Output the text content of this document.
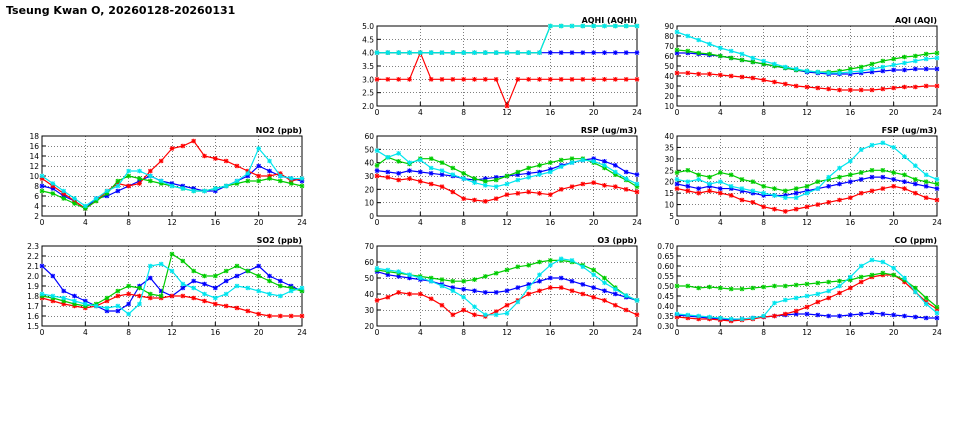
Tseung Kwan O, 20260128-20260131
2.0
2.5
3.0
3.5
4.0
4.5
5.0
0	4	8	12	16	20	24
AQHI (AQHI)
10
20
30
40
50
60
70
80
90
0	4	8	12	16	20	24
AQI (AQI)
2
4
6
8
10
12
14
16
18
0	4	8	12	16	20	24
NO2 (ppb)
0
10
20
30
40
50
60
0	4	8	12	16	20	24
RSP (ug/m3)
5
10
15
20
25
30
35
40
0	4	8	12	16	20	24
FSP (ug/m3)
1.5
1.6
1.7
1.8
1.9
2.0
2.1
2.2
2.3
0	4	8	12	16	20	24
SO2 (ppb)
20
30
40
50
60
70
0	4	8	12	16	20	24
O3 (ppb)
0.30
0.35
0.40
0.45
0.50
0.55
0.60
0.65
0.70
0	4	8	12	16	20	24
CO (ppm)
